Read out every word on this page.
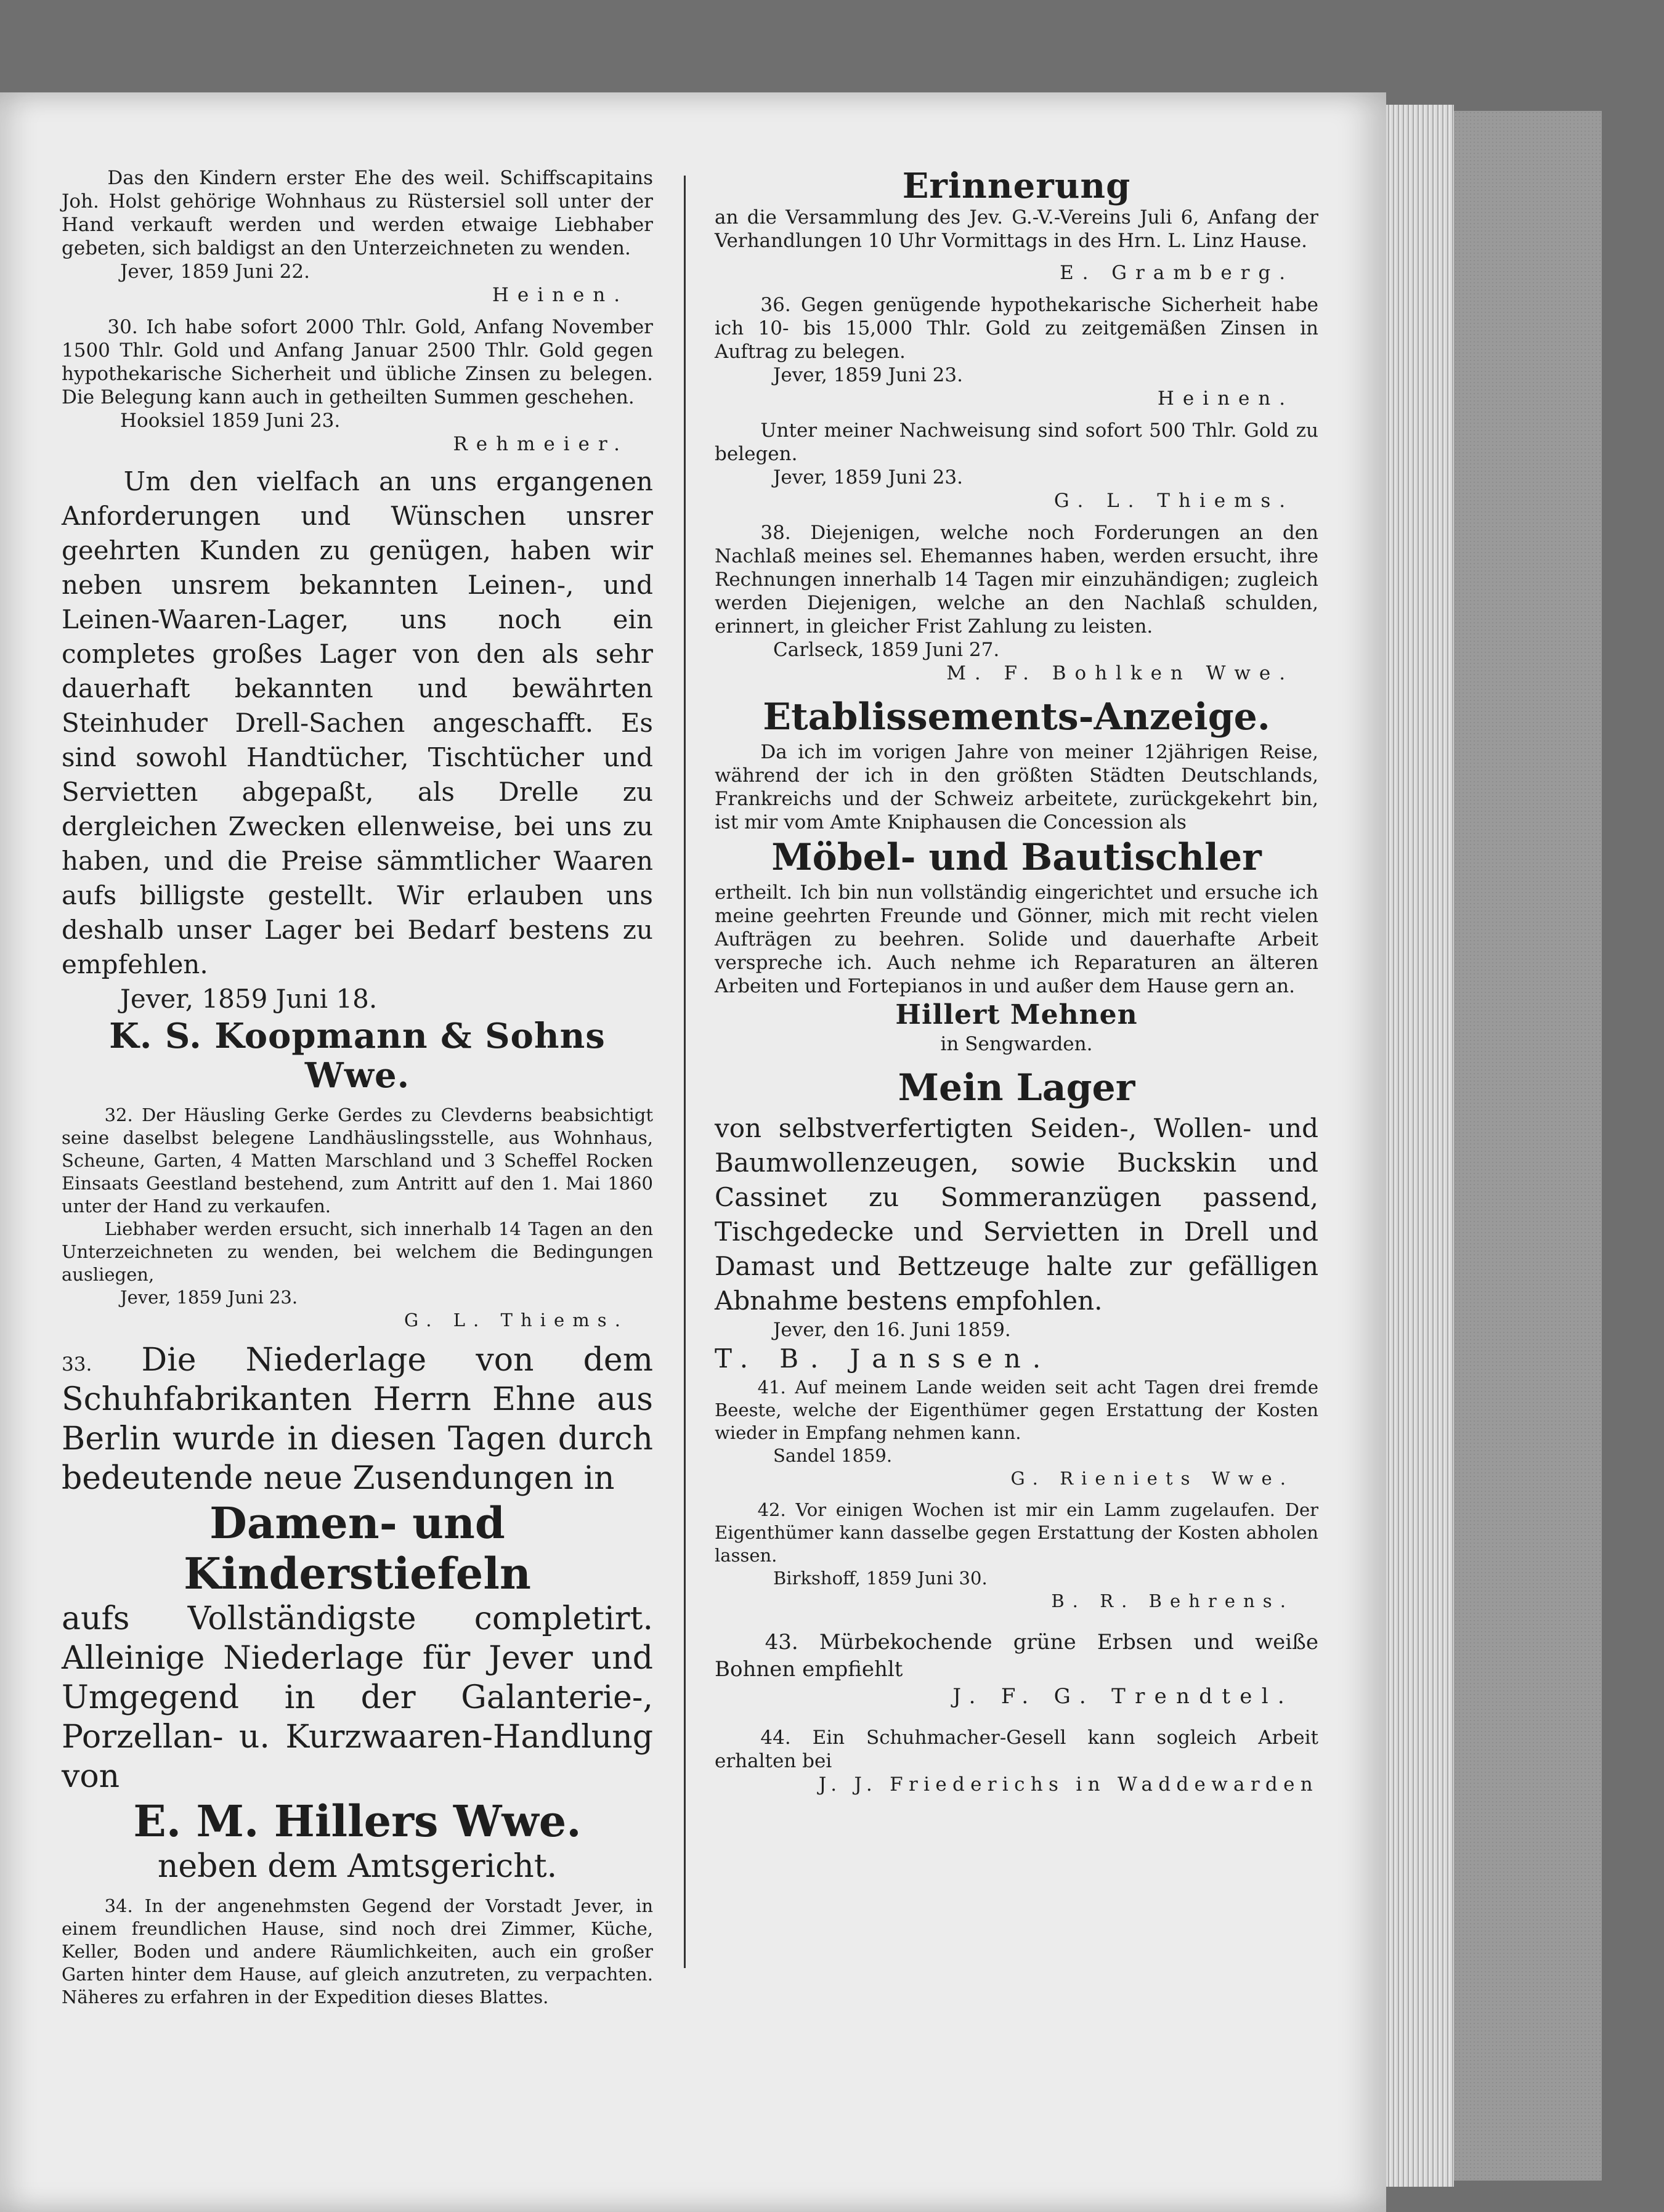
Das den Kindern erster Ehe des weil. Schiffscapitains Joh. Holst gehörige Wohnhaus zu Rüstersiel soll unter der Hand verkauft werden und werden etwaige Liebhaber gebeten, sich baldigst an den Unterzeichneten zu wenden.

Jever, 1859 Juni 22.

Heinen.

30. Ich habe sofort 2000 Thlr. Gold, Anfang November 1500 Thlr. Gold und Anfang Januar 2500 Thlr. Gold gegen hypothekarische Sicherheit und übliche Zinsen zu belegen. Die Belegung kann auch in getheilten Summen geschehen.

Hooksiel 1859 Juni 23.

Rehmeier.

Um den vielfach an uns ergangenen Anforderungen und Wünschen unsrer geehrten Kunden zu genügen, haben wir neben unsrem bekannten Leinen-, und Leinen-Waaren-Lager, uns noch ein completes großes Lager von den als sehr dauerhaft bekannten und bewährten Steinhuder Drell-Sachen angeschafft. Es sind sowohl Handtücher, Tischtücher und Servietten abgepaßt, als Drelle zu dergleichen Zwecken ellenweise, bei uns zu haben, und die Preise sämmtlicher Waaren aufs billigste gestellt. Wir erlauben uns deshalb unser Lager bei Bedarf bestens zu empfehlen.

Jever, 1859 Juni 18.

K. S. Koopmann & Sohns Wwe.

32. Der Häusling Gerke Gerdes zu Clevderns beabsichtigt seine daselbst belegene Landhäuslingsstelle, aus Wohnhaus, Scheune, Garten, 4 Matten Marschland und 3 Scheffel Rocken Einsaats Geestland bestehend, zum Antritt auf den 1. Mai 1860 unter der Hand zu verkaufen.

Liebhaber werden ersucht, sich innerhalb 14 Tagen an den Unterzeichneten zu wenden, bei welchem die Bedingungen ausliegen,

Jever, 1859 Juni 23.

G. L. Thiems.

33. Die Niederlage von dem Schuhfabrikanten Herrn Ehne aus Berlin wurde in diesen Tagen durch bedeutende neue Zusendungen in
Damen- und Kinderstiefeln
aufs Vollständigste completirt. Alleinige Niederlage für Jever und Umgegend in der Galanterie-, Porzellan- u. Kurzwaaren-Handlung von
E. M. Hillers Wwe.
neben dem Amtsgericht.

34. In der angenehmsten Gegend der Vorstadt Jever, in einem freundlichen Hause, sind noch drei Zimmer, Küche, Keller, Boden und andere Räumlichkeiten, auch ein großer Garten hinter dem Hause, auf gleich anzutreten, zu verpachten. Näheres zu erfahren in der Expedition dieses Blattes.

Erinnerung

an die Versammlung des Jev. G.-V.-Vereins Juli 6, Anfang der Verhandlungen 10 Uhr Vormittags in des Hrn. L. Linz Hause.

E. Gramberg.

36. Gegen genügende hypothekarische Sicherheit habe ich 10- bis 15,000 Thlr. Gold zu zeitgemäßen Zinsen in Auftrag zu belegen.

Jever, 1859 Juni 23.

Heinen.

Unter meiner Nachweisung sind sofort 500 Thlr. Gold zu belegen.

Jever, 1859 Juni 23.

G. L. Thiems.

38. Diejenigen, welche noch Forderungen an den Nachlaß meines sel. Ehemannes haben, werden ersucht, ihre Rechnungen innerhalb 14 Tagen mir einzuhändigen; zugleich werden Diejenigen, welche an den Nachlaß schulden, erinnert, in gleicher Frist Zahlung zu leisten.

Carlseck, 1859 Juni 27.

M. F. Bohlken Wwe.

Etablissements-Anzeige.

Da ich im vorigen Jahre von meiner 12jährigen Reise, während der ich in den größten Städten Deutschlands, Frankreichs und der Schweiz arbeitete, zurückgekehrt bin, ist mir vom Amte Kniphausen die Concession als

Möbel- und Bautischler

ertheilt. Ich bin nun vollständig eingerichtet und ersuche ich meine geehrten Freunde und Gönner, mich mit recht vielen Aufträgen zu beehren. Solide und dauerhafte Arbeit verspreche ich. Auch nehme ich Reparaturen an älteren Arbeiten und Fortepianos in und außer dem Hause gern an.

Hillert Mehnen

in Sengwarden.

Mein Lager

von selbstverfertigten Seiden-, Wollen- und Baumwollenzeugen, sowie Buckskin und Cassinet zu Sommeranzügen passend, Tischgedecke und Servietten in Drell und Damast und Bettzeuge halte zur gefälligen Abnahme bestens empfohlen.

Jever, den 16. Juni 1859.

T. B. Janssen.

41. Auf meinem Lande weiden seit acht Tagen drei fremde Beeste, welche der Eigenthümer gegen Erstattung der Kosten wieder in Empfang nehmen kann.

Sandel 1859.

G. Rieniets Wwe.

42. Vor einigen Wochen ist mir ein Lamm zugelaufen. Der Eigenthümer kann dasselbe gegen Erstattung der Kosten abholen lassen.

Birkshoff, 1859 Juni 30.

B. R. Behrens.

43. Mürbekochende grüne Erbsen und weiße Bohnen empfiehlt

J. F. G. Trendtel.

44. Ein Schuhmacher-Gesell kann sogleich Arbeit erhalten bei

J. J. Friederichs in Waddewarden
